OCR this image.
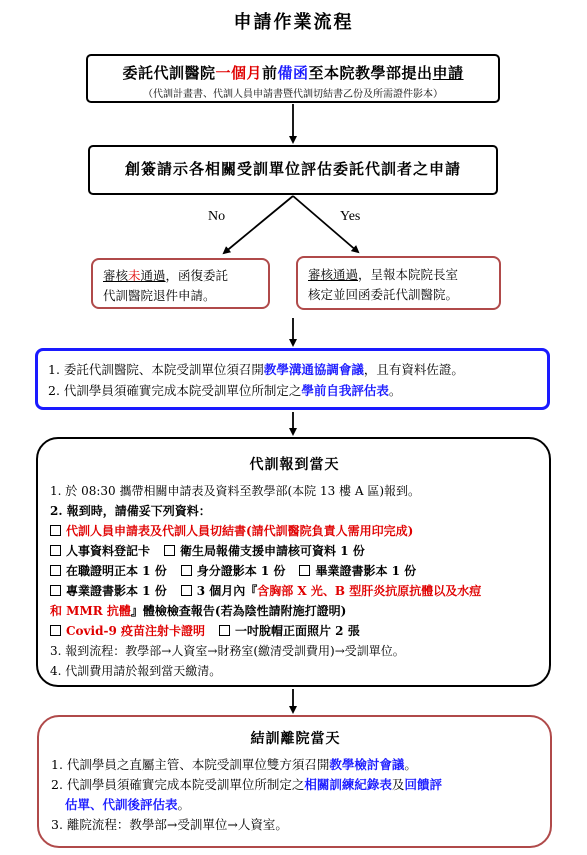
申請作業流程
委託代訓醫院一個月前備函至本院教學部提出申請
（代訓計畫書、代訓人員申請書暨代訓切結書乙份及所需證件影本）
創簽請示各相關受訓單位評估委託代訓者之申請
No	Yes
審核未通過，函復委託
代訓醫院退件申請。
審核通過，呈報本院院長室
核定並回函委託代訓醫院。
1. 委託代訓醫院、本院受訓單位須召開教學溝通協調會議，且有資料佐證。
2. 代訓學員須確實完成本院受訓單位所制定之學前自我評估表。
代訓報到當天
1. 於 08:30 攜帶相關申請表及資料至教學部(本院 13 樓 A 區)報到。
2. 報到時，請備妥下列資料：
代訓人員申請表及代訓人員切結書(請代訓醫院負責人需用印完成)
人事資料登記卡	衛生局報備支援申請核可資料 1 份
在職證明正本 1 份	身分證影本 1 份	畢業證書影本 1 份
專業證書影本 1 份	3 個月內『含胸部 X 光、B 型肝炎抗原抗體以及水痘
和 MMR 抗體』體檢檢查報告(若為陰性請附施打證明)
Covid-9 疫苗注射卡證明	一吋脫帽正面照片 2 張
3. 報到流程：教學部→人資室→財務室(繳清受訓費用)→受訓單位。
4. 代訓費用請於報到當天繳清。
結訓離院當天
1. 代訓學員之直屬主管、本院受訓單位雙方須召開教學檢討會議。
2. 代訓學員須確實完成本院受訓單位所制定之相關訓練紀錄表及回饋評
估單、代訓後評估表。
3. 離院流程：教學部→受訓單位→人資室。
